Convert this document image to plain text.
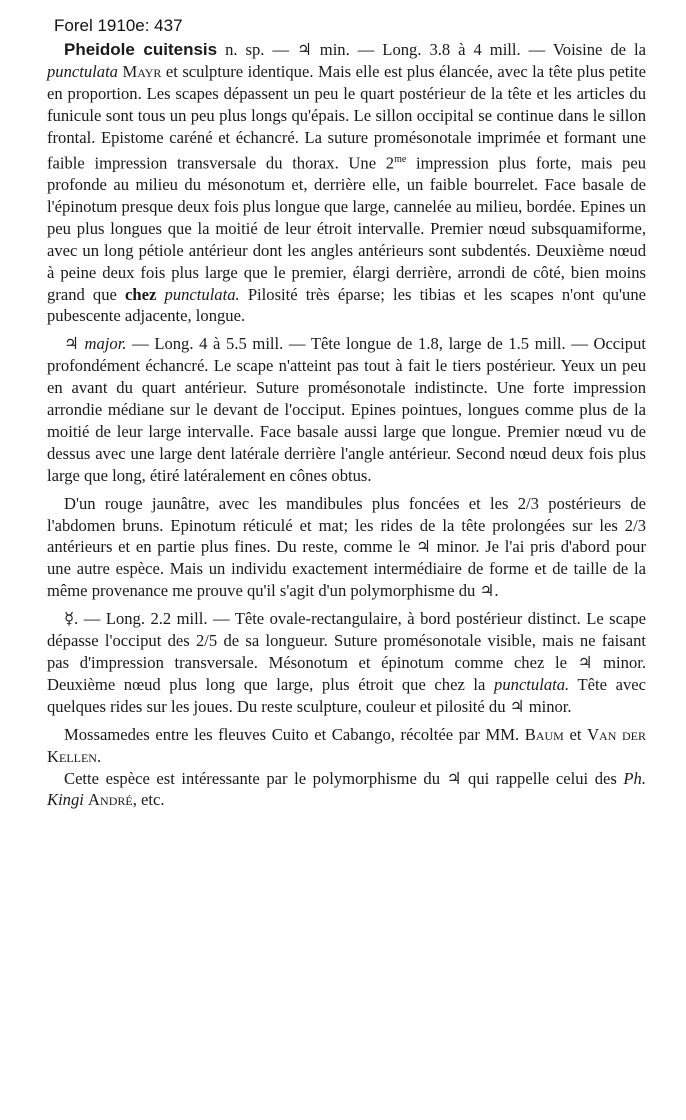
Forel 1910e: 437

Pheidole cuitensis n. sp. — ♃ min. — Long. 3.8 à 4 mill. — Voisine de la punctulata Mayr et sculpture identique. Mais elle est plus élancée, avec la tête plus petite en proportion. Les scapes dépassent un peu le quart postérieur de la tête et les articles du funicule sont tous un peu plus longs qu'épais. Le sillon occipital se continue dans le sillon frontal. Epistome caréné et échancré. La suture promésonotale imprimée et formant une faible impression transversale du thorax. Une $2^{me}$ impression plus forte, mais peu profonde au milieu du mésonotum et, derrière elle, un faible bourrelet. Face basale de l'épinotum presque deux fois plus longue que large, cannelée au milieu, bordée. Epines un peu plus longues que la moitié de leur étroit intervalle. Premier nœud subsquamiforme, avec un long pétiole antérieur dont les angles antérieurs sont subdentés. Deuxième nœud à peine deux fois plus large que le premier, élargi derrière, arrondi de côté, bien moins grand que chez punctulata. Pilosité très éparse; les tibias et les scapes n'ont qu'une pubescente adjacente, longue.

♃ major. — Long. 4 à 5.5 mill. — Tête longue de 1.8, large de 1.5 mill. — Occiput profondément échancré. Le scape n'atteint pas tout à fait le tiers postérieur. Yeux un peu en avant du quart antérieur. Suture promésonotale indistincte. Une forte impression arrondie médiane sur le devant de l'occiput. Epines pointues, longues comme plus de la moitié de leur large intervalle. Face basale aussi large que longue. Premier nœud vu de dessus avec une large dent latérale derrière l'angle antérieur. Second nœud deux fois plus large que long, étiré latéralement en cônes obtus.

D'un rouge jaunâtre, avec les mandibules plus foncées et les 2/3 postérieurs de l'abdomen bruns. Epinotum réticulé et mat; les rides de la tête prolongées sur les 2/3 antérieurs et en partie plus fines. Du reste, comme le ♃ minor. Je l'ai pris d'abord pour une autre espèce. Mais un individu exactement intermédiaire de forme et de taille de la même provenance me prouve qu'il s'agit d'un polymorphisme du ♃.

☿. — Long. 2.2 mill. — Tête ovale-rectangulaire, à bord postérieur distinct. Le scape dépasse l'occiput des 2/5 de sa longueur. Suture promésonotale visible, mais ne faisant pas d'impression transversale. Mésonotum et épinotum comme chez le ♃ minor. Deuxième nœud plus long que large, plus étroit que chez la punctulata. Tête avec quelques rides sur les joues. Du reste sculpture, couleur et pilosité du ♃ minor.

Mossamedes entre les fleuves Cuito et Cabango, récoltée par MM. Baum et Van der Kellen.

Cette espèce est intéressante par le polymorphisme du ♃ qui rappelle celui des Ph. Kingi André, etc.
